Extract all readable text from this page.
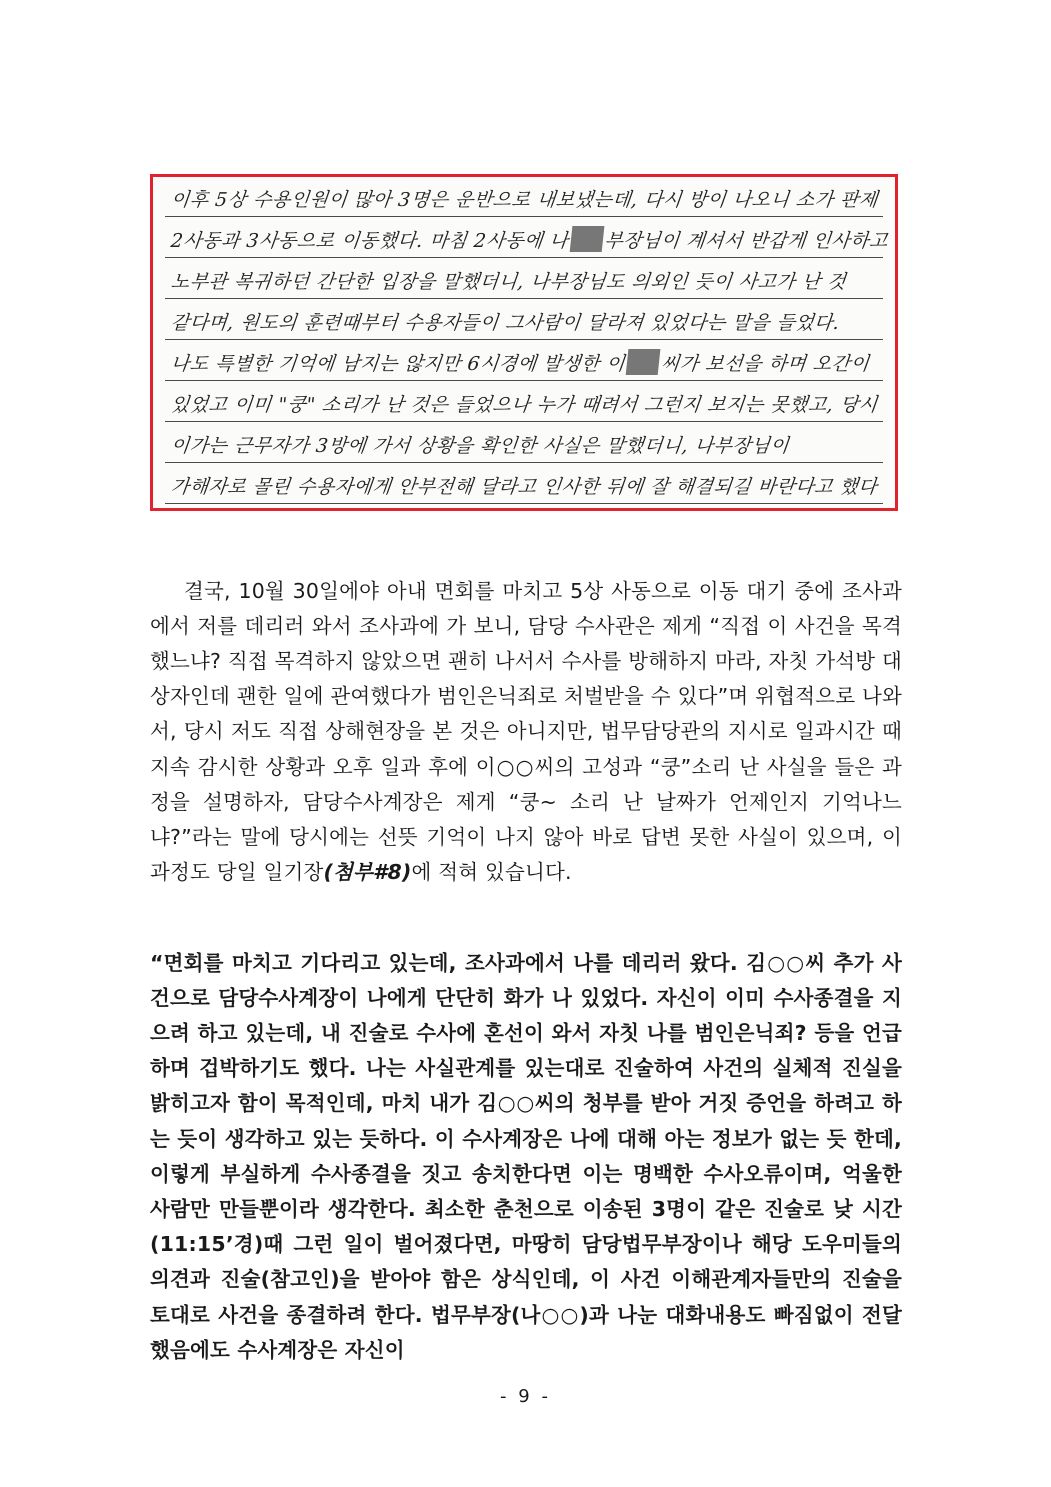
이후 5상 수용인원이 많아 3명은 운반으로 내보냈는데, 다시 방이 나오니 소가 판제
2사동과 3사동으로 이동했다. 마침 2사동에 나 부장님이 계셔서 반갑게 인사하고
노부관 복귀하던 간단한 입장을 말했더니, 나부장님도 의외인 듯이 사고가 난 것
같다며, 원도의 훈련때부터 수용자들이 그사람이 달라져 있었다는 말을 들었다.
나도 특별한 기억에 남지는 않지만 6시경에 발생한 이 씨가 보선을 하며 오간이
있었고 이미 "쿵" 소리가 난 것은 들었으나 누가 때려서 그런지 보지는 못했고, 당시
이가는 근무자가 3방에 가서 상황을 확인한 사실은 말했더니, 나부장님이
가해자로 몰린 수용자에게 안부전해 달라고 인사한 뒤에 잘 해결되길 바란다고 했다

결국, 10월 30일에야 아내 면회를 마치고 5상 사동으로 이동 대기 중에 조사과에서 저를 데리러 와서 조사과에 가 보니, 담당 수사관은 제게 “직접 이 사건을 목격했느냐? 직접 목격하지 않았으면 괜히 나서서 수사를 방해하지 마라, 자칫 가석방 대상자인데 괜한 일에 관여했다가 범인은닉죄로 처벌받을 수 있다”며 위협적으로 나와서, 당시 저도 직접 상해현장을 본 것은 아니지만, 법무담당관의 지시로 일과시간 때 지속 감시한 상황과 오후 일과 후에 이○○씨의 고성과 “쿵”소리 난 사실을 들은 과정을 설명하자, 담당수사계장은 제게 “쿵~ 소리 난 날짜가 언제인지 기억나느냐?”라는 말에 당시에는 선뜻 기억이 나지 않아 바로 답변 못한 사실이 있으며, 이 과정도 당일 일기장(첨부#8)에 적혀 있습니다.

“면회를 마치고 기다리고 있는데, 조사과에서 나를 데리러 왔다. 김○○씨 추가 사건으로 담당수사계장이 나에게 단단히 화가 나 있었다. 자신이 이미 수사종결을 지으려 하고 있는데, 내 진술로 수사에 혼선이 와서 자칫 나를 범인은닉죄? 등을 언급하며 겁박하기도 했다. 나는 사실관계를 있는대로 진술하여 사건의 실체적 진실을 밝히고자 함이 목적인데, 마치 내가 김○○씨의 청부를 받아 거짓 증언을 하려고 하는 듯이 생각하고 있는 듯하다. 이 수사계장은 나에 대해 아는 정보가 없는 듯 한데, 이렇게 부실하게 수사종결을 짓고 송치한다면 이는 명백한 수사오류이며, 억울한 사람만 만들뿐이라 생각한다. 최소한 춘천으로 이송된 3명이 같은 진술로 낮 시간(11:15’경)때 그런 일이 벌어졌다면, 마땅히 담당법무부장이나 해당 도우미들의 의견과 진술(참고인)을 받아야 함은 상식인데, 이 사건 이해관계자들만의 진술을 토대로 사건을 종결하려 한다. 법무부장(나○○)과 나눈 대화내용도 빠짐없이 전달했음에도 수사계장은 자신이

- 9 -
